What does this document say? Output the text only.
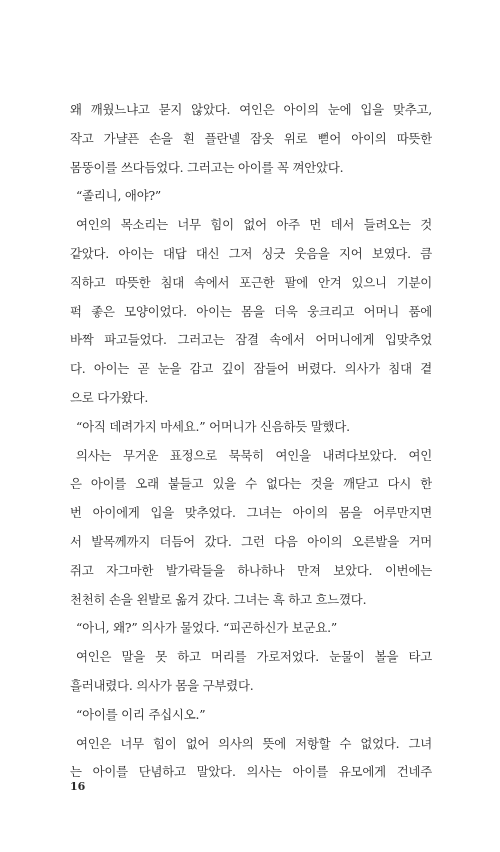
왜 깨웠느냐고 묻지 않았다. 여인은 아이의 눈에 입을 맞추고,
작고 가냘픈 손을 흰 플란넬 잠옷 위로 뻗어 아이의 따뜻한
몸뚱이를 쓰다듬었다. 그러고는 아이를 꼭 껴안았다.
“졸리니, 애야?”
여인의 목소리는 너무 힘이 없어 아주 먼 데서 들려오는 것
같았다. 아이는 대답 대신 그저 싱긋 웃음을 지어 보였다. 큼
직하고 따뜻한 침대 속에서 포근한 팔에 안겨 있으니 기분이
퍽 좋은 모양이었다. 아이는 몸을 더욱 웅크리고 어머니 품에
바짝 파고들었다. 그러고는 잠결 속에서 어머니에게 입맞추었
다. 아이는 곧 눈을 감고 깊이 잠들어 버렸다. 의사가 침대 곁
으로 다가왔다.
“아직 데려가지 마세요.” 어머니가 신음하듯 말했다.
의사는 무거운 표정으로 묵묵히 여인을 내려다보았다. 여인
은 아이를 오래 붙들고 있을 수 없다는 것을 깨닫고 다시 한
번 아이에게 입을 맞추었다. 그녀는 아이의 몸을 어루만지면
서 발목께까지 더듬어 갔다. 그런 다음 아이의 오른발을 거머
쥐고 자그마한 발가락들을 하나하나 만져 보았다. 이번에는
천천히 손을 왼발로 옮겨 갔다. 그녀는 흑 하고 흐느꼈다.
“아니, 왜?” 의사가 물었다. “피곤하신가 보군요.”
여인은 말을 못 하고 머리를 가로저었다. 눈물이 볼을 타고
흘러내렸다. 의사가 몸을 구부렸다.
“아이를 이리 주십시오.”
여인은 너무 힘이 없어 의사의 뜻에 저항할 수 없었다. 그녀
는 아이를 단념하고 말았다. 의사는 아이를 유모에게 건네주
16
